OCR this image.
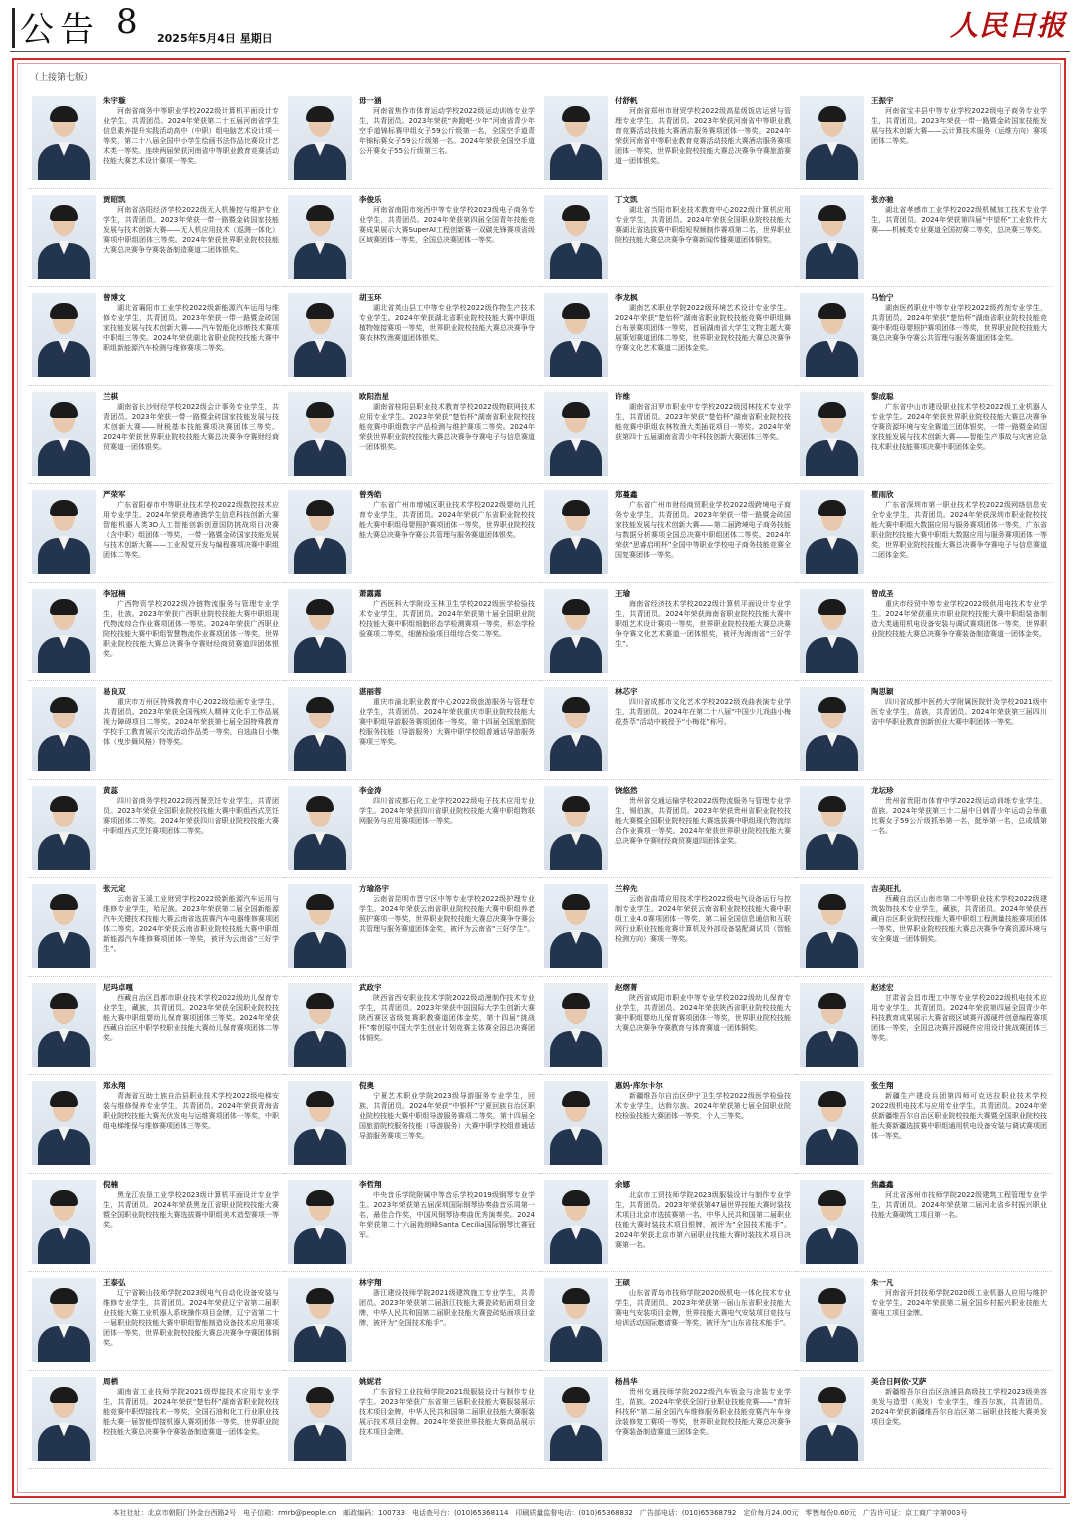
公告 8 2025年5月4日 星期日	人民日报
（上接第七版）
朱宇璇
河南省商务中等职业学校2022级计算机平面设计专业学生，共青团员。2024年荣获第二十五届河南省学生信息素养提升实践活动高中（中职）组电脑艺术设计项一等奖，第二十八届全国中小学生绘画书法作品比赛设计艺术类一等奖。连续两届荣获河南省中等职业教育竞赛活动技能大赛艺术设计赛项一等奖。
毋一涵
河南省焦作市体育运动学校2022级运动训练专业学生，共青团员。2023年荣获“奔跑吧·少年”河南省青少年空手道锦标赛甲组女子59公斤级第一名，全国空手道青年锦标赛女子59公斤级第一名。2024年荣获全国空手道公开赛女子55公斤级第三名。
付舒帆
河南省郑州市财贸学校2022级高星级饭店运营与管理专业学生，共青团员。2023年荣获河南省中等职业教育竞赛活动技能大赛酒店服务赛项团体一等奖，2024年荣获河南省中等职业教育竞赛活动技能大赛酒店服务赛项团体一等奖，世界职业院校技能大赛总决赛争夺赛旅游赛道一团体银奖。
王振宇
河南省宝丰县中等专业学校2022级电子商务专业学生，共青团员。2023年荣获一带一路暨金砖国家技能发展与技术创新大赛——云计算技术服务（运维方向）赛项团体二等奖。
贾昭凯
河南省洛阳经济学校2022级无人机操控与维护专业学生，共青团员。2023年荣获一带一路暨金砖国家技能发展与技术创新大赛——无人机应用技术（巡测一体化）赛项中职组团体三等奖。2024年荣获世界职业院校技能大赛总决赛争夺赛装备制造赛道二团体银奖。
李俊乐
河南省南阳市宛西中等专业学校2023级电子商务专业学生，共青团员。2024年荣获第四届全国青年技能竞赛成果展示大赛SuperAI工程创新赛一双碳先锋赛项省级区域赛团体一等奖，全国总决赛团体一等奖。
丁文凯
湖北省当阳市职业技术教育中心2022级计算机应用专业学生，共青团员。2024年荣获全国职业院校技能大赛湖北省选拔赛中职组短视频制作赛项第二名，世界职业院校技能大赛总决赛争夺赛新闻传播赛道团体铜奖。
张亦驰
湖北省孝感市工业学校2022级机械加工技术专业学生，共青团员。2024年荣获第四届“中望杯”工业软件大赛——机械类专业赛道全国初赛二等奖，总决赛三等奖。
曾博文
湖北省襄阳市工业学校2022级新能源汽车运用与维修专业学生，共青团员。2023年荣获一带一路暨金砖国家技能发展与技术创新大赛——汽车智能化诊断技术赛项中职组三等奖。2024年荣获湖北省职业院校技能大赛中职组新能源汽车检测与维修赛项二等奖。
胡玉环
湖北省英山县工中等专业学校2022级作物生产技术专业学生。2024年荣获湖北省职业院校技能大赛中职组植物嫁接赛项一等奖，世界职业院校技能大赛总决赛争夺赛农林牧渔赛道团体银奖。
李龙枫
湖南艺术职业学院2022级环境艺术设计专业学生。2024年荣获“楚怡杯”湖南省职业院校技能竞赛中职组舞台布景赛项团体一等奖，首届湖南省大学生文物主题大赛展策划赛道团体二等奖，世界职业院校技能大赛总决赛争夺赛文化艺术赛道二团体金奖。
马怡宁
湖南医药职业中等专业学校2022级药剂专业学生，共青团员。2024年荣获“楚怡杯”湖南省职业院校技能竞赛中职组母婴照护赛项团体一等奖，世界职业院校技能大赛总决赛争夺赛公共管理与服务赛道团体金奖。
兰棋
湖南省长沙财经学校2022级会计事务专业学生，共青团员。2023年荣获一带一路暨金砖国家技能发展与技术创新大赛——财税基本技能赛项决赛团体三等奖。2024年荣获世界职业院校技能大赛总决赛争夺赛财经商贸赛道一团体银奖。
欧阳浩星
湖南省桂阳县职业技术教育学校2022级物联网技术应用专业学生。2023年荣获“楚怡杯”湖南省职业院校技能竞赛中职组数字产品检测与维护赛项二等奖。2024年荣获世界职业院校技能大赛总决赛争夺赛电子与信息赛道一团体银奖。
许维
湖南省汨罗市职业中专学校2022级园林技术专业学生，共青团员。2023年荣获“楚怡杯”湖南省职业院校技能竞赛中职组农林牧渔大类插花项目一等奖。2024年荣获第四十五届湖南省青少年科技创新大赛团体三等奖。
黎成聪
广东省中山市建设职业技术学校2022级工业机器人专业学生。2024年荣获世界职业院校技能大赛总决赛争夺赛资源环境与安全赛道三团体银奖，一带一路暨金砖国家技能发展与技术创新大赛——智能生产事故与灾害应急技术职业技能赛项决赛中职团体金奖。
严荣军
广东省阳春市中等职业技术学校2022级数控技术应用专业学生。2024年荣获粤港澳学生信息科技创新大赛智能机器人类3D人工智能创新创意国防挑战项目决赛（含中职）组团体一等奖，一带一路暨金砖国家技能发展与技术创新大赛——工业视觉开发与编程赛项决赛中职组团体二等奖。
曾秀皓
广东省广州市增城区职业技术学校2022级婴幼儿托育专业学生，共青团员。2024年荣获广东省职业院校技能大赛中职组母婴照护赛项团体一等奖，世界职业院校技能大赛总决赛争夺赛公共管理与服务赛道团体银奖。
郑蔓鑫
广东省广州市财经商贸职业学校2022级跨境电子商务专业学生，共青团员。2023年荣获一带一路暨金砖国家技能发展与技术创新大赛——第二届跨境电子商务技能与数据分析赛项全国总决赛中职组团体二等奖。2024年荣获“思睿启明杯”全国中等职业学校电子商务技能竞赛全国复赛团体一等奖。
瞿雨欣
广东省深圳市第一职业技术学校2022级网络信息安全专业学生，共青团员。2024年荣获深圳市职业院校技能大赛中职组大数据应用与服务赛项团体一等奖，广东省职业院校技能大赛中职组大数据应用与服务赛项团体一等奖，世界职业院校技能大赛总决赛争夺赛电子与信息赛道二团体金奖。
李冠楠
广西物资学校2022级冷链物流服务与管理专业学生，壮族。2023年荣获广西职业院校技能大赛中职组现代物流综合作业赛项团体一等奖。2024年荣获广西职业院校技能大赛中职组智慧物流作业赛项团体一等奖，世界职业院校技能大赛总决赛争夺赛财经商贸赛道四团体银奖。
萧露露
广西医科大学附设玉林卫生学校2022级医学检验技术专业学生，共青团员。2024年荣获第十届全国职业院校技能大赛中职组细胞形态学检测赛项一等奖，形态学检验赛项二等奖，细菌检验项目组综合奖二等奖。
王瑜
海南省经济技术学校2022级计算机平面设计专业学生，共青团员。2024年荣获海南省职业院校技能大赛中职组艺术设计赛项一等奖，世界职业院校技能大赛总决赛争夺赛文化艺术赛道一团体银奖，被评为海南省“三好学生”。
曾成圣
重庆市经贸中等专业学校2022级供用电技术专业学生。2024年荣获重庆市职业院校技能大赛中职组装备制造大类通用机电设备安装与调试赛项团体一等奖，世界职业院校技能大赛总决赛争夺赛装备制造赛道一团体金奖。
易良双
重庆市万州区特殊教育中心2022级绘画专业学生，共青团员。2023年荣获全国残疾人精神文化手工作品展视力障碍项目二等奖。2024年荣获第七届全国特殊教育学校手工教育展示交流活动作品类一等奖，自选曲目小集体（曳步舞风格）特等奖。
湛丽蓉
重庆市渝北职业教育中心2022级旅游服务与管理专业学生，共青团员。2024年荣获重庆市职业院校技能大赛中职组导游服务赛项团体一等奖，第十四届全国旅游院校服务技能（导游服务）大赛中职学校组普通话导游服务赛项三等奖。
林芯宇
四川省成都市文化艺术学校2022级戏曲表演专业学生，共青团员。2024年在第二十八届“中国少儿戏曲小梅花荟萃”活动中被授予“小梅花”称号。
陶思颖
四川省成都中医药大学附属医院针灸学校2021级中医专业学生，苗族，共青团员。2024年荣获第三届四川省中华职业教育创新创业大赛中职团体一等奖。
黄蕊
四川省商务学校2022级西餐烹饪专业学生，共青团员。2023年荣获全国职业院校技能大赛中职组西式烹饪赛项团体二等奖。2024年荣获四川省职业院校技能大赛中职组西式烹饪赛项团体二等奖。
李金涛
四川省成都石化工业学校2022级电子技术应用专业学生。2024年荣获四川省职业院校技能大赛中职组物联网服务与应用赛项团体一等奖。
饶悠然
贵州省交通运输学校2022级物流服务与管理专业学生，锡伯族，共青团员。2023年荣获贵州省职业院校技能大赛暨全国职业院校技能大赛选拔赛中职组现代物流综合作业赛项一等奖。2024年荣获世界职业院校技能大赛总决赛争夺赛财经商贸赛道四团体金奖。
龙坛珍
贵州省贵阳市体育中学2022级运动训练专业学生，苗族。2024年荣获第三十二届中日韩青少年运动会举重比赛女子59公斤级抓举第一名，挺举第一名，总成绩第一名。
张元定
云南省玉溪工业财贸学校2022级新能源汽车运用与维修专业学生，哈尼族。2023年荣获第二届全国新能源汽车关键技术技能大赛云南省选拔赛汽车电器维修赛项团体二等奖。2024年荣获云南省职业院校技能大赛中职组新能源汽车维修赛项团体一等奖，被评为云南省“三好学生”。
方瑜洛宇
云南省昆明市晋宁区中等专业学校2022级护理专业学生。2024年荣获云南省职业院校技能大赛中职组养老照护赛项一等奖，世界职业院校技能大赛总决赛争夺赛公共管理与服务赛道团体金奖，被评为云南省“三好学生”。
兰梓先
云南省曲靖应用技术学校2022级电气设备运行与控制专业学生。2024年荣获云南省职业院校技能大赛中职组工业4.0赛项团体一等奖，第二届全国信息通信和互联网行业职业技能竞赛计算机及外部设备装配调试员（智能检测方向）赛项一等奖。
吉美旺扎
西藏自治区山南市第二中等职业技术学校2022级建筑装饰技术专业学生，藏族，共青团员。2024年荣获西藏自治区职业院校技能大赛中职组工程测量技能赛项团体一等奖，世界职业院校技能大赛总决赛争夺赛资源环境与安全赛道一团体铜奖。
尼玛卓嘎
西藏自治区昌都市职业技术学校2022级幼儿保育专业学生，藏族，共青团员。2023年荣获全国职业院校技能大赛中职组婴幼儿保育赛项团体三等奖。2024年荣获西藏自治区中职学校职业技能大赛幼儿保育赛项团体二等奖。
武政宇
陕西省西安职业技术学院2022级动漫制作技术专业学生，共青团员。2023年荣获中国国际大学生创新大赛陕西赛区省级复赛职教赛道团体金奖，第十四届“挑战杯”秦创原中国大学生创业计划竞赛主体赛全国总决赛团体铜奖。
赵熠菁
陕西省咸阳市职业中等专业学校2022级幼儿保育专业学生，共青团员。2024年荣获陕西省职业院校技能大赛中职组婴幼儿保育赛项团体一等奖，世界职业院校技能大赛总决赛争夺赛教育与体育赛道一团体铜奖。
赵述宏
甘肃省会昌市理工中等专业学校2022级机电技术应用专业学生，共青团员。2024年荣获第四届全国青少年科技教育成果展示大赛省级区域赛开源硬件创意编程赛项团体一等奖，全国总决赛开源硬件应用设计挑战赛团体三等奖。
郑永翔
青海省互助土族自治县职业技术学校2022级电梯安装与维修保养专业学生，共青团员。2024年荣获青海省职业院校技能大赛光伏发电与运维赛项团体一等奖，中职组电梯维保与维修赛项团体三等奖。
倪奥
宁夏艺术职业学院2023级导游服务专业学生，回族，共青团员。2024年荣获“中银杯”宁夏回族自治区职业院校技能大赛中职组导游服务赛项二等奖，第十四届全国旅游院校服务技能（导游服务）大赛中职学校组普通话导游服务赛项三等奖。
惠妈·库尔卡尔
新疆维吾尔自治区伊宁卫生学校2022级医学检验技术专业学生，达斡尔族。2024年荣获第七届全国职业院校检验技能大赛团体一等奖，个人三等奖。
张生翔
新疆生产建设兵团第四师可克达拉职业技术学校2022级机电技术与应用专业学生，共青团员。2024年荣获新疆维吾尔自治区职业院校技能大赛暨全国职业院校技能大赛新疆选拔赛中职组通用机电设备安装与调试赛项团体一等奖。
倪楠
黑龙江农垦工业学校2023级计算机平面设计专业学生，共青团员。2024年荣获黑龙江省职业院校技能大赛暨全国职业院校技能大赛选拔赛中职组美术造型赛项一等奖。
李哲翔
中央音乐学院附属中等音乐学校2019级钢琴专业学生。2023年荣获第五届深圳国际钢琴协奏曲音乐周第一名，最佳合作奖，中国风钢琴协奏曲优秀演奏奖。2024年荣获第二十六届勃朗峰Santa Cecilia国际钢琴比赛冠军。
余娜
北京市工贸技师学院2023级服装设计与制作专业学生，共青团员。2023年荣获第47届世界技能大赛时装技术项目北京市选拔赛第一名，中华人民共和国第二届职业技能大赛时装技术项目银牌，被评为“全国技术能手”。2024年荣获北京市第六届职业技能大赛时装技术项目决赛第一名。
焦鑫鑫
河北省涿州市技师学院2022级建筑工程管理专业学生，共青团员。2024年荣获第二届河北省乡村振兴职业技能大赛砌筑工项目第一名。
王泰弘
辽宁省鞍山技师学院2023级电气自动化设备安装与维修专业学生，共青团员。2024年荣获辽宁省第二届职业技能大赛工业机器人系统操作项目金牌，辽宁省第二十一届职业院校技能大赛中职组智能制造设备技术应用赛项团体一等奖，世界职业院校技能大赛总决赛争夺赛团体铜奖。
林宇翔
浙江建设技师学院2021级建筑施工专业学生，共青团员。2023年荣获第二届浙江技能大赛瓷砖贴面项目金牌，中华人民共和国第二届职业技能大赛瓷砖贴面项目金牌，被评为“全国技术能手”。
王硕
山东省青岛市技师学院2020级机电一体化技术专业学生，共青团员。2023年荣获第一届山东省职业技能大赛电气安装项目金牌，世界技能大赛电气安装项目竞技与培训活动国际邀请赛一等奖，被评为“山东省技术能手”。
朱一凡
河南省开封技师学院2020级工业机器人应用与维护专业学生。2024年荣获第二届全国乡村振兴职业技能大赛电工项目金牌。
周栖
湖南省工业技师学院2021级焊接技术应用专业学生，共青团员。2024年荣获“楚怡杯”湖南省职业院校技能竞赛中职焊接技术一等奖，全国石油和化工行业职业技能大赛一届智能焊接机器人赛项团体一等奖，世界职业院校技能大赛总决赛争夺赛装备制造赛道一团体金奖。
姚妮君
广东省轻工业技师学院2021级服装设计与制作专业学生。2023年荣获广东省第三届职业技能大赛服装展示技术项目金牌，中华人民共和国第二届职业技能大赛服装展示技术项目金牌。2024年荣获世界技能大赛商品展示技术项目金牌。
杨昌华
贵州交通技师学院2022级汽车钣金与涂装专业学生，苗族。2024年荣获全国行业职业技能竞赛——“育轩科技杯”第二届全国汽车维修服务职业技能竞赛汽车车身涂装修复工赛项一等奖，世界职业院校技能大赛总决赛争夺赛装备制造赛道三团体金奖。
美合日阿依·艾萨
新疆维吾尔自治区洛浦县高级技工学校2023级美容美发与造型（美发）专业学生，维吾尔族，共青团员。2024年荣获新疆维吾尔自治区第二届职业技能大赛美发项目金奖。
本社社址：北京市朝阳门外金台西路2号　电子信箱：rmrb@people.cn　邮政编码：100733　电话查号台：(010)65368114　印刷质量监督电话：(010)65368832　广告部电话：(010)65368792　定价每月24.00元　零售每份0.60元　广告许可证：京工商广字第003号
